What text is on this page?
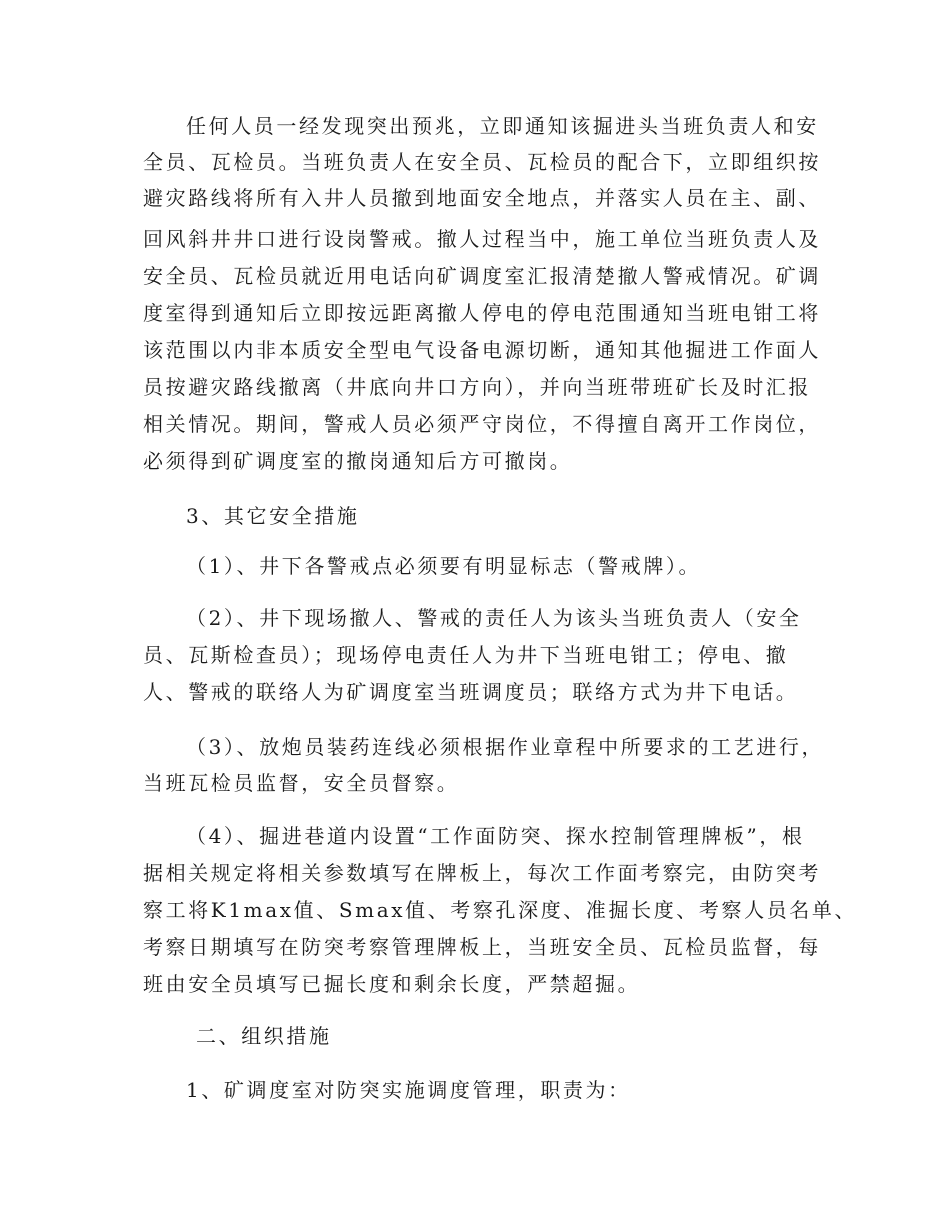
任何人员一经发现突出预兆，立即通知该掘进头当班负责人和安
全员、瓦检员。当班负责人在安全员、瓦检员的配合下，立即组织按
避灾路线将所有入井人员撤到地面安全地点，并落实人员在主、副、
回风斜井井口进行设岗警戒。撤人过程当中，施工单位当班负责人及
安全员、瓦检员就近用电话向矿调度室汇报清楚撤人警戒情况。矿调
度室得到通知后立即按远距离撤人停电的停电范围通知当班电钳工将
该范围以内非本质安全型电气设备电源切断，通知其他掘进工作面人
员按避灾路线撤离（井底向井口方向），并向当班带班矿长及时汇报
相关情况。期间，警戒人员必须严守岗位，不得擅自离开工作岗位，
必须得到矿调度室的撤岗通知后方可撤岗。
3、其它安全措施
（1）、井下各警戒点必须要有明显标志（警戒牌）。
（2）、井下现场撤人、警戒的责任人为该头当班负责人（安全
员、瓦斯检查员）；现场停电责任人为井下当班电钳工；停电、撤
人、警戒的联络人为矿调度室当班调度员；联络方式为井下电话。
（3）、放炮员装药连线必须根据作业章程中所要求的工艺进行，
当班瓦检员监督，安全员督察。
（4）、掘进巷道内设置“工作面防突、探水控制管理牌板”，根
据相关规定将相关参数填写在牌板上，每次工作面考察完，由防突考
察工将K1max值、Smax值、考察孔深度、准掘长度、考察人员名单、
考察日期填写在防突考察管理牌板上，当班安全员、瓦检员监督，每
班由安全员填写已掘长度和剩余长度，严禁超掘。
二、组织措施
1、矿调度室对防突实施调度管理，职责为：
